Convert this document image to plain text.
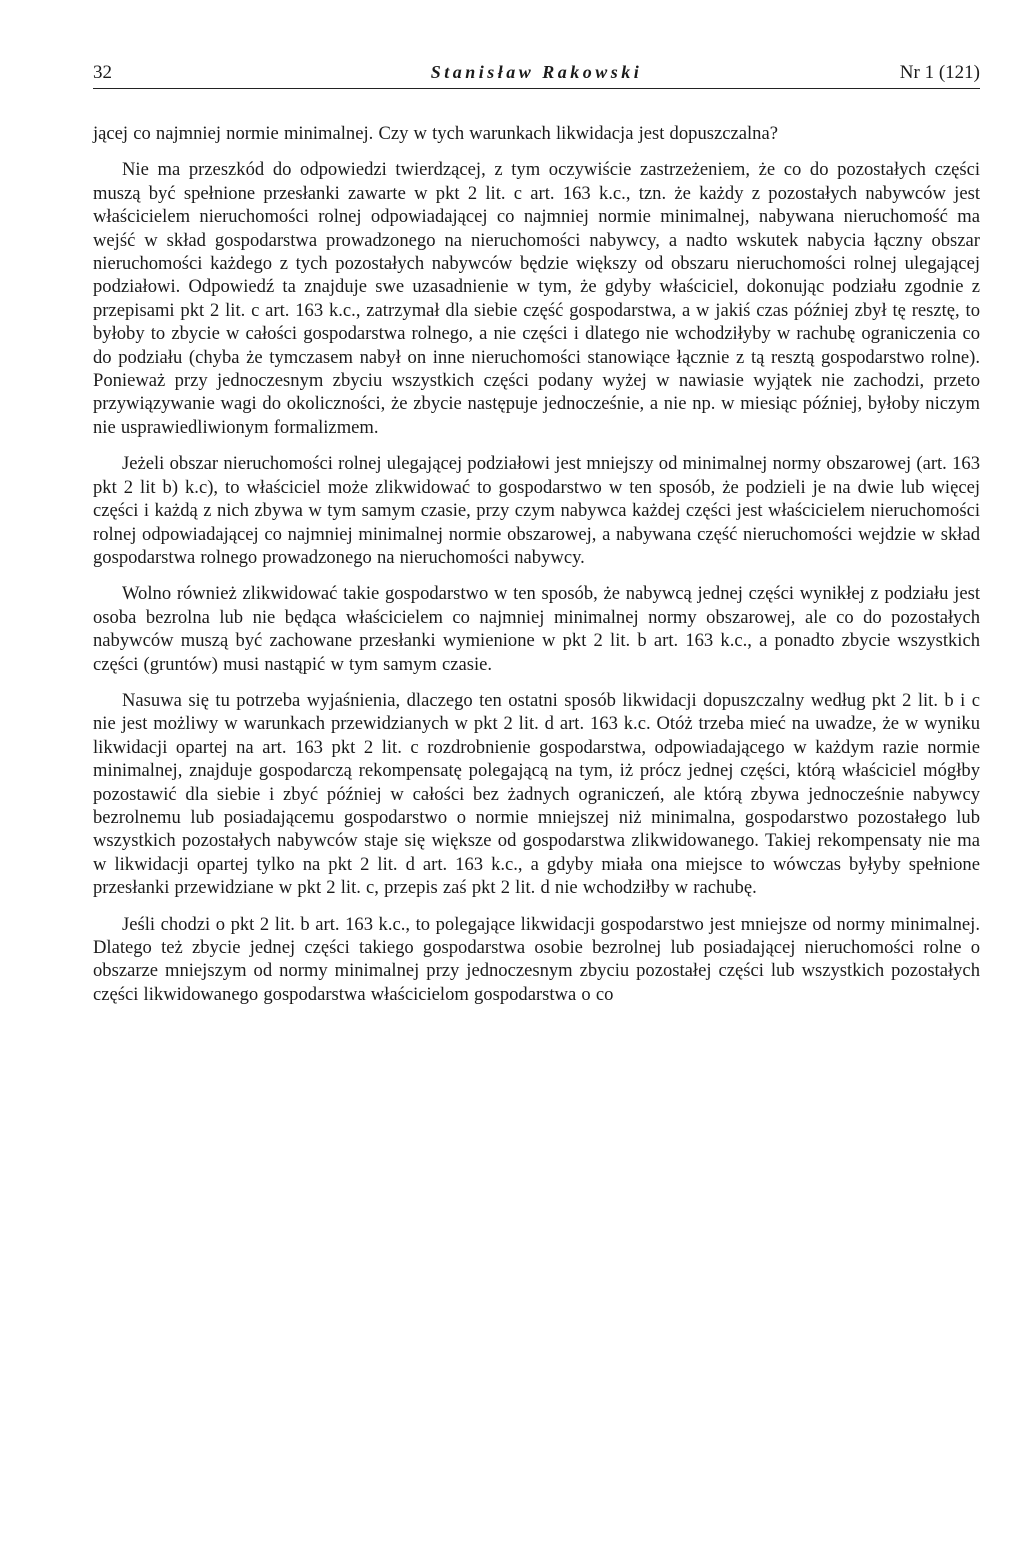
32	Stanisław Rakowski	Nr 1 (121)

jącej co najmniej normie minimalnej. Czy w tych warunkach likwidacja jest dopuszczalna?

Nie ma przeszkód do odpowiedzi twierdzącej, z tym oczywiście zastrzeżeniem, że co do pozostałych części muszą być spełnione przesłanki zawarte w pkt 2 lit. c art. 163 k.c., tzn. że każdy z pozostałych nabywców jest właścicielem nieruchomości rolnej odpowiadającej co najmniej normie minimalnej, nabywana nieruchomość ma wejść w skład gospodarstwa prowadzonego na nieruchomości nabywcy, a nadto wskutek nabycia łączny obszar nieruchomości każdego z tych pozostałych nabywców będzie większy od obszaru nieruchomości rolnej ulegającej podziałowi. Odpowiedź ta znajduje swe uzasadnienie w tym, że gdyby właściciel, dokonując podziału zgodnie z przepisami pkt 2 lit. c art. 163 k.c., zatrzymał dla siebie część gospodarstwa, a w jakiś czas później zbył tę resztę, to byłoby to zbycie w całości gospodarstwa rolnego, a nie części i dlatego nie wchodziłyby w rachubę ograniczenia co do podziału (chyba że tymczasem nabył on inne nieruchomości stanowiące łącznie z tą resztą gospodarstwo rolne). Ponieważ przy jednoczesnym zbyciu wszystkich części podany wyżej w nawiasie wyjątek nie zachodzi, przeto przywiązywanie wagi do okoliczności, że zbycie następuje jednocześnie, a nie np. w miesiąc później, byłoby niczym nie usprawiedliwionym formalizmem.

Jeżeli obszar nieruchomości rolnej ulegającej podziałowi jest mniejszy od minimalnej normy obszarowej (art. 163 pkt 2 lit b) k.c), to właściciel może zlikwidować to gospodarstwo w ten sposób, że podzieli je na dwie lub więcej części i każdą z nich zbywa w tym samym czasie, przy czym nabywca każdej części jest właścicielem nieruchomości rolnej odpowiadającej co najmniej minimalnej normie obszarowej, a nabywana część nieruchomości wejdzie w skład gospodarstwa rolnego prowadzonego na nieruchomości nabywcy.

Wolno również zlikwidować takie gospodarstwo w ten sposób, że nabywcą jednej części wynikłej z podziału jest osoba bezrolna lub nie będąca właścicielem co najmniej minimalnej normy obszarowej, ale co do pozostałych nabywców muszą być zachowane przesłanki wymienione w pkt 2 lit. b art. 163 k.c., a ponadto zbycie wszystkich części (gruntów) musi nastąpić w tym samym czasie.

Nasuwa się tu potrzeba wyjaśnienia, dlaczego ten ostatni sposób likwidacji dopuszczalny według pkt 2 lit. b i c nie jest możliwy w warunkach przewidzianych w pkt 2 lit. d art. 163 k.c. Otóż trzeba mieć na uwadze, że w wyniku likwidacji opartej na art. 163 pkt 2 lit. c rozdrobnienie gospodarstwa, odpowiadającego w każdym razie normie minimalnej, znajduje gospodarczą rekompensatę polegającą na tym, iż prócz jednej części, którą właściciel mógłby pozostawić dla siebie i zbyć później w całości bez żadnych ograniczeń, ale którą zbywa jednocześnie nabywcy bezrolnemu lub posiadającemu gospodarstwo o normie mniejszej niż minimalna, gospodarstwo pozostałego lub wszystkich pozostałych nabywców staje się większe od gospodarstwa zlikwidowanego. Takiej rekompensaty nie ma w likwidacji opartej tylko na pkt 2 lit. d art. 163 k.c., a gdyby miała ona miejsce to wówczas byłyby spełnione przesłanki przewidziane w pkt 2 lit. c, przepis zaś pkt 2 lit. d nie wchodziłby w rachubę.

Jeśli chodzi o pkt 2 lit. b art. 163 k.c., to polegające likwidacji gospodarstwo jest mniejsze od normy minimalnej. Dlatego też zbycie jednej części takiego gospodarstwa osobie bezrolnej lub posiadającej nieruchomości rolne o obszarze mniejszym od normy minimalnej przy jednoczesnym zbyciu pozostałej części lub wszystkich pozostałych części likwidowanego gospodarstwa właścicielom gospodarstwa o co
